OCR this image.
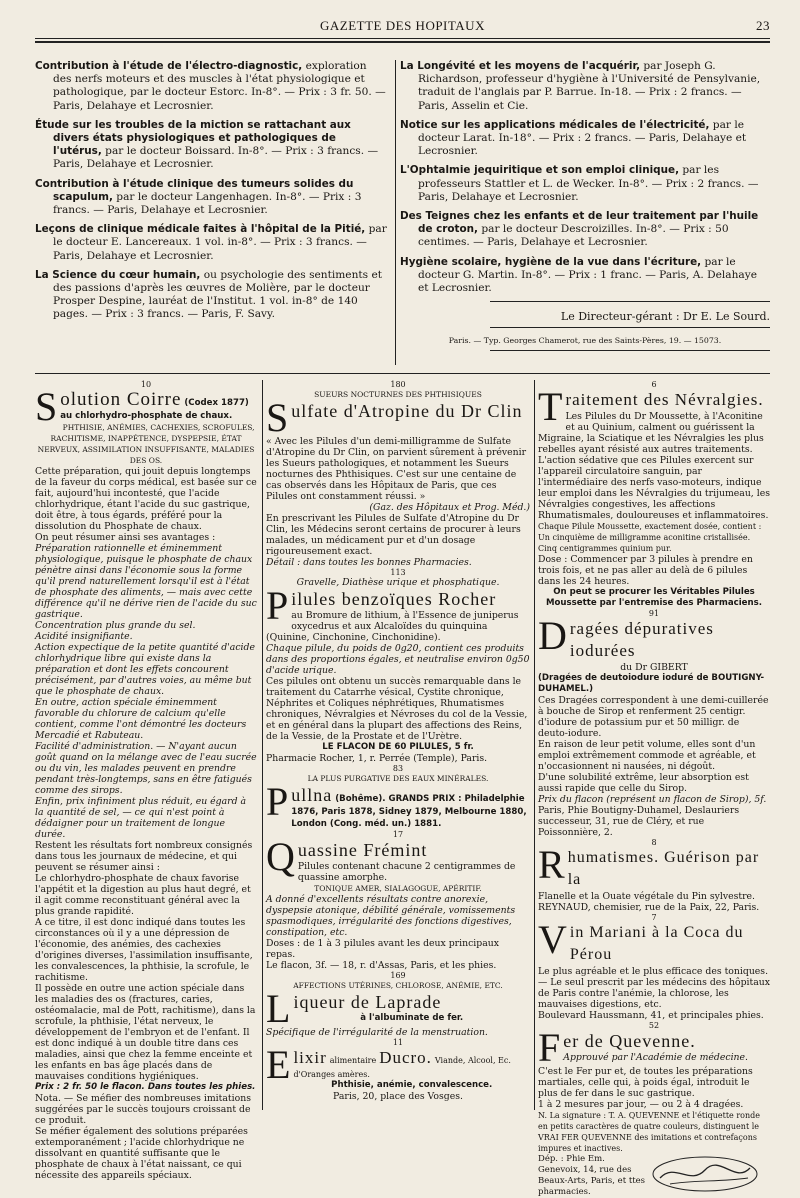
GAZETTE DES HOPITAUX	23

Contribution à l'étude de l'électro-diagnostic, exploration des nerfs moteurs et des muscles à l'état physiologique et pathologique, par le docteur Estorc. In-8°. — Prix : 3 fr. 50. — Paris, Delahaye et Lecrosnier.

Étude sur les troubles de la miction se rattachant aux divers états physiologiques et pathologiques de l'utérus, par le docteur Boissard. In-8°. — Prix : 3 francs. — Paris, Delahaye et Lecrosnier.

Contribution à l'étude clinique des tumeurs solides du scapulum, par le docteur Langenhagen. In-8°. — Prix : 3 francs. — Paris, Delahaye et Lecrosnier.

Leçons de clinique médicale faites à l'hôpital de la Pitié, par le docteur E. Lancereaux. 1 vol. in-8°. — Prix : 3 francs. — Paris, Delahaye et Lecrosnier.

La Science du cœur humain, ou psychologie des sentiments et des passions d'après les œuvres de Molière, par le docteur Prosper Despine, lauréat de l'Institut. 1 vol. in-8° de 140 pages. — Prix : 3 francs. — Paris, F. Savy.

La Longévité et les moyens de l'acquérir, par Joseph G. Richardson, professeur d'hygiène à l'Université de Pensylvanie, traduit de l'anglais par P. Barrue. In-18. — Prix : 2 francs. — Paris, Asselin et Cie.

Notice sur les applications médicales de l'électricité, par le docteur Larat. In-18°. — Prix : 2 francs. — Paris, Delahaye et Lecrosnier.

L'Ophtalmie jequiritique et son emploi clinique, par les professeurs Stattler et L. de Wecker. In-8°. — Prix : 2 francs. — Paris, Delahaye et Lecrosnier.

Des Teignes chez les enfants et de leur traitement par l'huile de croton, par le docteur Descroizilles. In-8°. — Prix : 50 centimes. — Paris, Delahaye et Lecrosnier.

Hygiène scolaire, hygiène de la vue dans l'écriture, par le docteur G. Martin. In-8°. — Prix : 1 franc. — Paris, A. Delahaye et Lecrosnier.

Le Directeur-gérant : Dr E. Le Sourd.
Paris. — Typ. Georges Chamerot, rue des Saints-Pères, 19. — 15073.
10
Solution Coirre (Codex 1877)
au chlorhydro-phosphate de chaux.
PHTHISIE, ANÉMIES, CACHEXIES, SCROFULES, RACHITISME, INAPPÉTENCE, DYSPEPSIE, ÉTAT NERVEUX, ASSIMILATION INSUFFISANTE, MALADIES DES OS.

Cette préparation, qui jouit depuis longtemps de la faveur du corps médical, est basée sur ce fait, aujourd'hui incontesté, que l'acide chlorhydrique, étant l'acide du suc gastrique, doit être, à tous égards, préféré pour la dissolution du Phosphate de chaux.

On peut résumer ainsi ses avantages :

Préparation rationnelle et éminemment physiologique, puisque le phosphate de chaux pénètre ainsi dans l'économie sous la forme qu'il prend naturellement lorsqu'il est à l'état de phosphate des aliments, — mais avec cette différence qu'il ne dérive rien de l'acide du suc gastrique.

Concentration plus grande du sel.

Acidité insignifiante.

Action expectique de la petite quantité d'acide chlorhydrique libre qui existe dans la préparation et dont les effets concourent précisément, par d'autres voies, au même but que le phosphate de chaux.

En outre, action spéciale éminemment favorable du chlorure de calcium qu'elle contient, comme l'ont démontré les docteurs Mercadié et Rabuteau.

Facilité d'administration. — N'ayant aucun goût quand on la mélange avec de l'eau sucrée ou du vin, les malades peuvent en prendre pendant très-longtemps, sans en être fatigués comme des sirops.

Enfin, prix infiniment plus réduit, eu égard à la quantité de sel, — ce qui n'est point à dédaigner pour un traitement de longue durée.

Restent les résultats fort nombreux consignés dans tous les journaux de médecine, et qui peuvent se résumer ainsi :

Le chlorhydro-phosphate de chaux favorise l'appétit et la digestion au plus haut degré, et il agit comme reconstituant général avec la plus grande rapidité.

A ce titre, il est donc indiqué dans toutes les circonstances où il y a une dépression de l'économie, des anémies, des cachexies d'origines diverses, l'assimilation insuffisante, les convalescences, la phthisie, la scrofule, le rachitisme.

Il possède en outre une action spéciale dans les maladies des os (fractures, caries, ostéomalacie, mal de Pott, rachitisme), dans la scrofule, la phthisie, l'état nerveux, le développement de l'embryon et de l'enfant. Il est donc indiqué à un double titre dans ces maladies, ainsi que chez la femme enceinte et les enfants en bas âge placés dans de mauvaises conditions hygiéniques.

Prix : 2 fr. 50 le flacon. Dans toutes les phies.

Nota. — Se méfier des nombreuses imitations suggérées par le succès toujours croissant de ce produit.

Se méfier également des solutions préparées extemporanément ; l'acide chlorhydrique ne dissolvant en quantité suffisante que le phosphate de chaux à l'état naissant, ce qui nécessite des appareils spéciaux.

180
SUEURS NOCTURNES DES PHTHISIQUES
Sulfate d'Atropine du Dr Clin

« Avec les Pilules d'un demi-milligramme de Sulfate d'Atropine du Dr Clin, on parvient sûrement à prévenir les Sueurs pathologiques, et notamment les Sueurs nocturnes des Phthisiques. C'est sur une centaine de cas observés dans les Hôpitaux de Paris, que ces Pilules ont constamment réussi. »

(Gaz. des Hôpitaux et Prog. Méd.)

En prescrivant les Pilules de Sulfate d'Atropine du Dr Clin, les Médecins seront certains de procurer à leurs malades, un médicament pur et d'un dosage rigoureusement exact.

Détail : dans toutes les bonnes Pharmacies.

113
Gravelle, Diathèse urique et phosphatique.
Pilules benzoïques Rocher

au Bromure de lithium, à l'Essence de juniperus oxycedrus et aux Alcaloïdes du quinquina (Quinine, Cinchonine, Cinchonidine).

Chaque pilule, du poids de 0g20, contient ces produits dans des proportions égales, et neutralise environ 0g50 d'acide urique.

Ces pilules ont obtenu un succès remarquable dans le traitement du Catarrhe vésical, Cystite chronique, Néphrites et Coliques néphrétiques, Rhumatismes chroniques, Névralgies et Névroses du col de la Vessie, et en général dans la plupart des affections des Reins, de la Vessie, de la Prostate et de l'Urètre.

LE FLACON DE 60 PILULES, 5 fr.

Pharmacie Rocher, 1, r. Perrée (Temple), Paris.

83
LA PLUS PURGATIVE DES EAUX MINÉRALES.
Pullna (Bohême). GRANDS PRIX : Philadelphie 1876, Paris 1878, Sidney 1879, Melbourne 1880, London (Cong. méd. un.) 1881.
17
Quassine Frémint

Pilules contenant chacune 2 centigrammes de quassine amorphe.

TONIQUE AMER, SIALAGOGUE, APÉRITIF.

A donné d'excellents résultats contre anorexie, dyspepsie atonique, débilité générale, vomissements spasmodiques, irrégularité des fonctions digestives, constipation, etc.

Doses : de 1 à 3 pilules avant les deux principaux repas.

Le flacon, 3f. — 18, r. d'Assas, Paris, et les phies.

169
AFFECTIONS UTÉRINES, CHLOROSE, ANÉMIE, ETC.
Liqueur de Laprade

à l'albuminate de fer.

Spécifique de l'irrégularité de la menstruation.

11
Elixir alimentaire Ducro. Viande, Alcool, Ec. d'Oranges amères.

Phthisie, anémie, convalescence.

Paris, 20, place des Vosges.

6
Traitement des Névralgies.

Les Pilules du Dr Moussette, à l'Aconitine et au Quinium, calment ou guérissent la Migraine, la Sciatique et les Névralgies les plus rebelles ayant résisté aux autres traitements.

L'action sédative que ces Pilules exercent sur l'appareil circulatoire sanguin, par l'intermédiaire des nerfs vaso-moteurs, indique leur emploi dans les Névralgies du trijumeau, les Névralgies congestives, les affections Rhumatismales, douloureuses et inflammatoires.

Chaque Pilule Moussette, exactement dosée, contient : Un cinquième de milligramme aconitine cristallisée. Cinq centigrammes quinium pur.

Dose : Commencer par 3 pilules à prendre en trois fois, et ne pas aller au delà de 6 pilules dans les 24 heures.

On peut se procurer les Véritables Pilules Moussette par l'entremise des Pharmaciens.

91
Dragées dépuratives iodurées

du Dr GIBERT

(Dragées de deutoiodure ioduré de BOUTIGNY-DUHAMEL.)

Ces Dragées correspondent à une demi-cuillerée à bouche de Sirop et renferment 25 centigr. d'iodure de potassium pur et 50 milligr. de deuto-iodure.

En raison de leur petit volume, elles sont d'un emploi extrêmement commode et agréable, et n'occasionnent ni nausées, ni dégoût.

D'une solubilité extrême, leur absorption est aussi rapide que celle du Sirop.

Prix du flacon (représent un flacon de Sirop), 5f.

Paris, Phie Boutigny-Duhamel, Deslauriers successeur, 31, rue de Cléry, et rue Poissonnière, 2.

8
Rhumatismes. Guérison par la

Flanelle et la Ouate végétale du Pin sylvestre. REYNAUD, chemisier, rue de la Paix, 22, Paris.

7
Vin Mariani à la Coca du Pérou

Le plus agréable et le plus efficace des toniques. — Le seul prescrit par les médecins des hôpitaux de Paris contre l'anémie, la chlorose, les mauvaises digestions, etc.

Boulevard Haussmann, 41, et principales phies.

52
Fer de Quevenne.

Approuvé par l'Académie de médecine.

C'est le Fer pur et, de toutes les préparations martiales, celle qui, à poids égal, introduit le plus de fer dans le suc gastrique.

1 à 2 mesures par jour, — ou 2 à 4 dragées.

N. La signature : T. A. QUEVENNE et l'étiquette ronde en petits caractères de quatre couleurs, distinguent le VRAI FER QUEVENNE des imitations et contrefaçons impures et inactives.

Dép. : Phie Em. Genevoix, 14, rue des Beaux-Arts, Paris, et ttes pharmacies.
